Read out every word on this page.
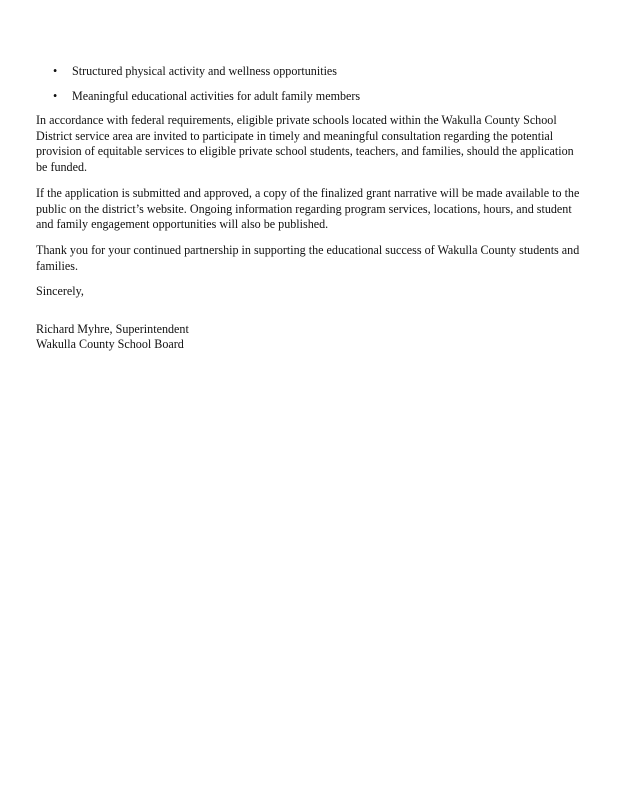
• Structured physical activity and wellness opportunities
• Meaningful educational activities for adult family members

In accordance with federal requirements, eligible private schools located within the Wakulla County School District service area are invited to participate in timely and meaningful consultation regarding the potential provision of equitable services to eligible private school students, teachers, and families, should the application be funded.

If the application is submitted and approved, a copy of the finalized grant narrative will be made available to the public on the district’s website. Ongoing information regarding program services, locations, hours, and student and family engagement opportunities will also be published.

Thank you for your continued partnership in supporting the educational success of Wakulla County students and families.

Sincerely,

Richard Myhre, Superintendent
Wakulla County School Board
